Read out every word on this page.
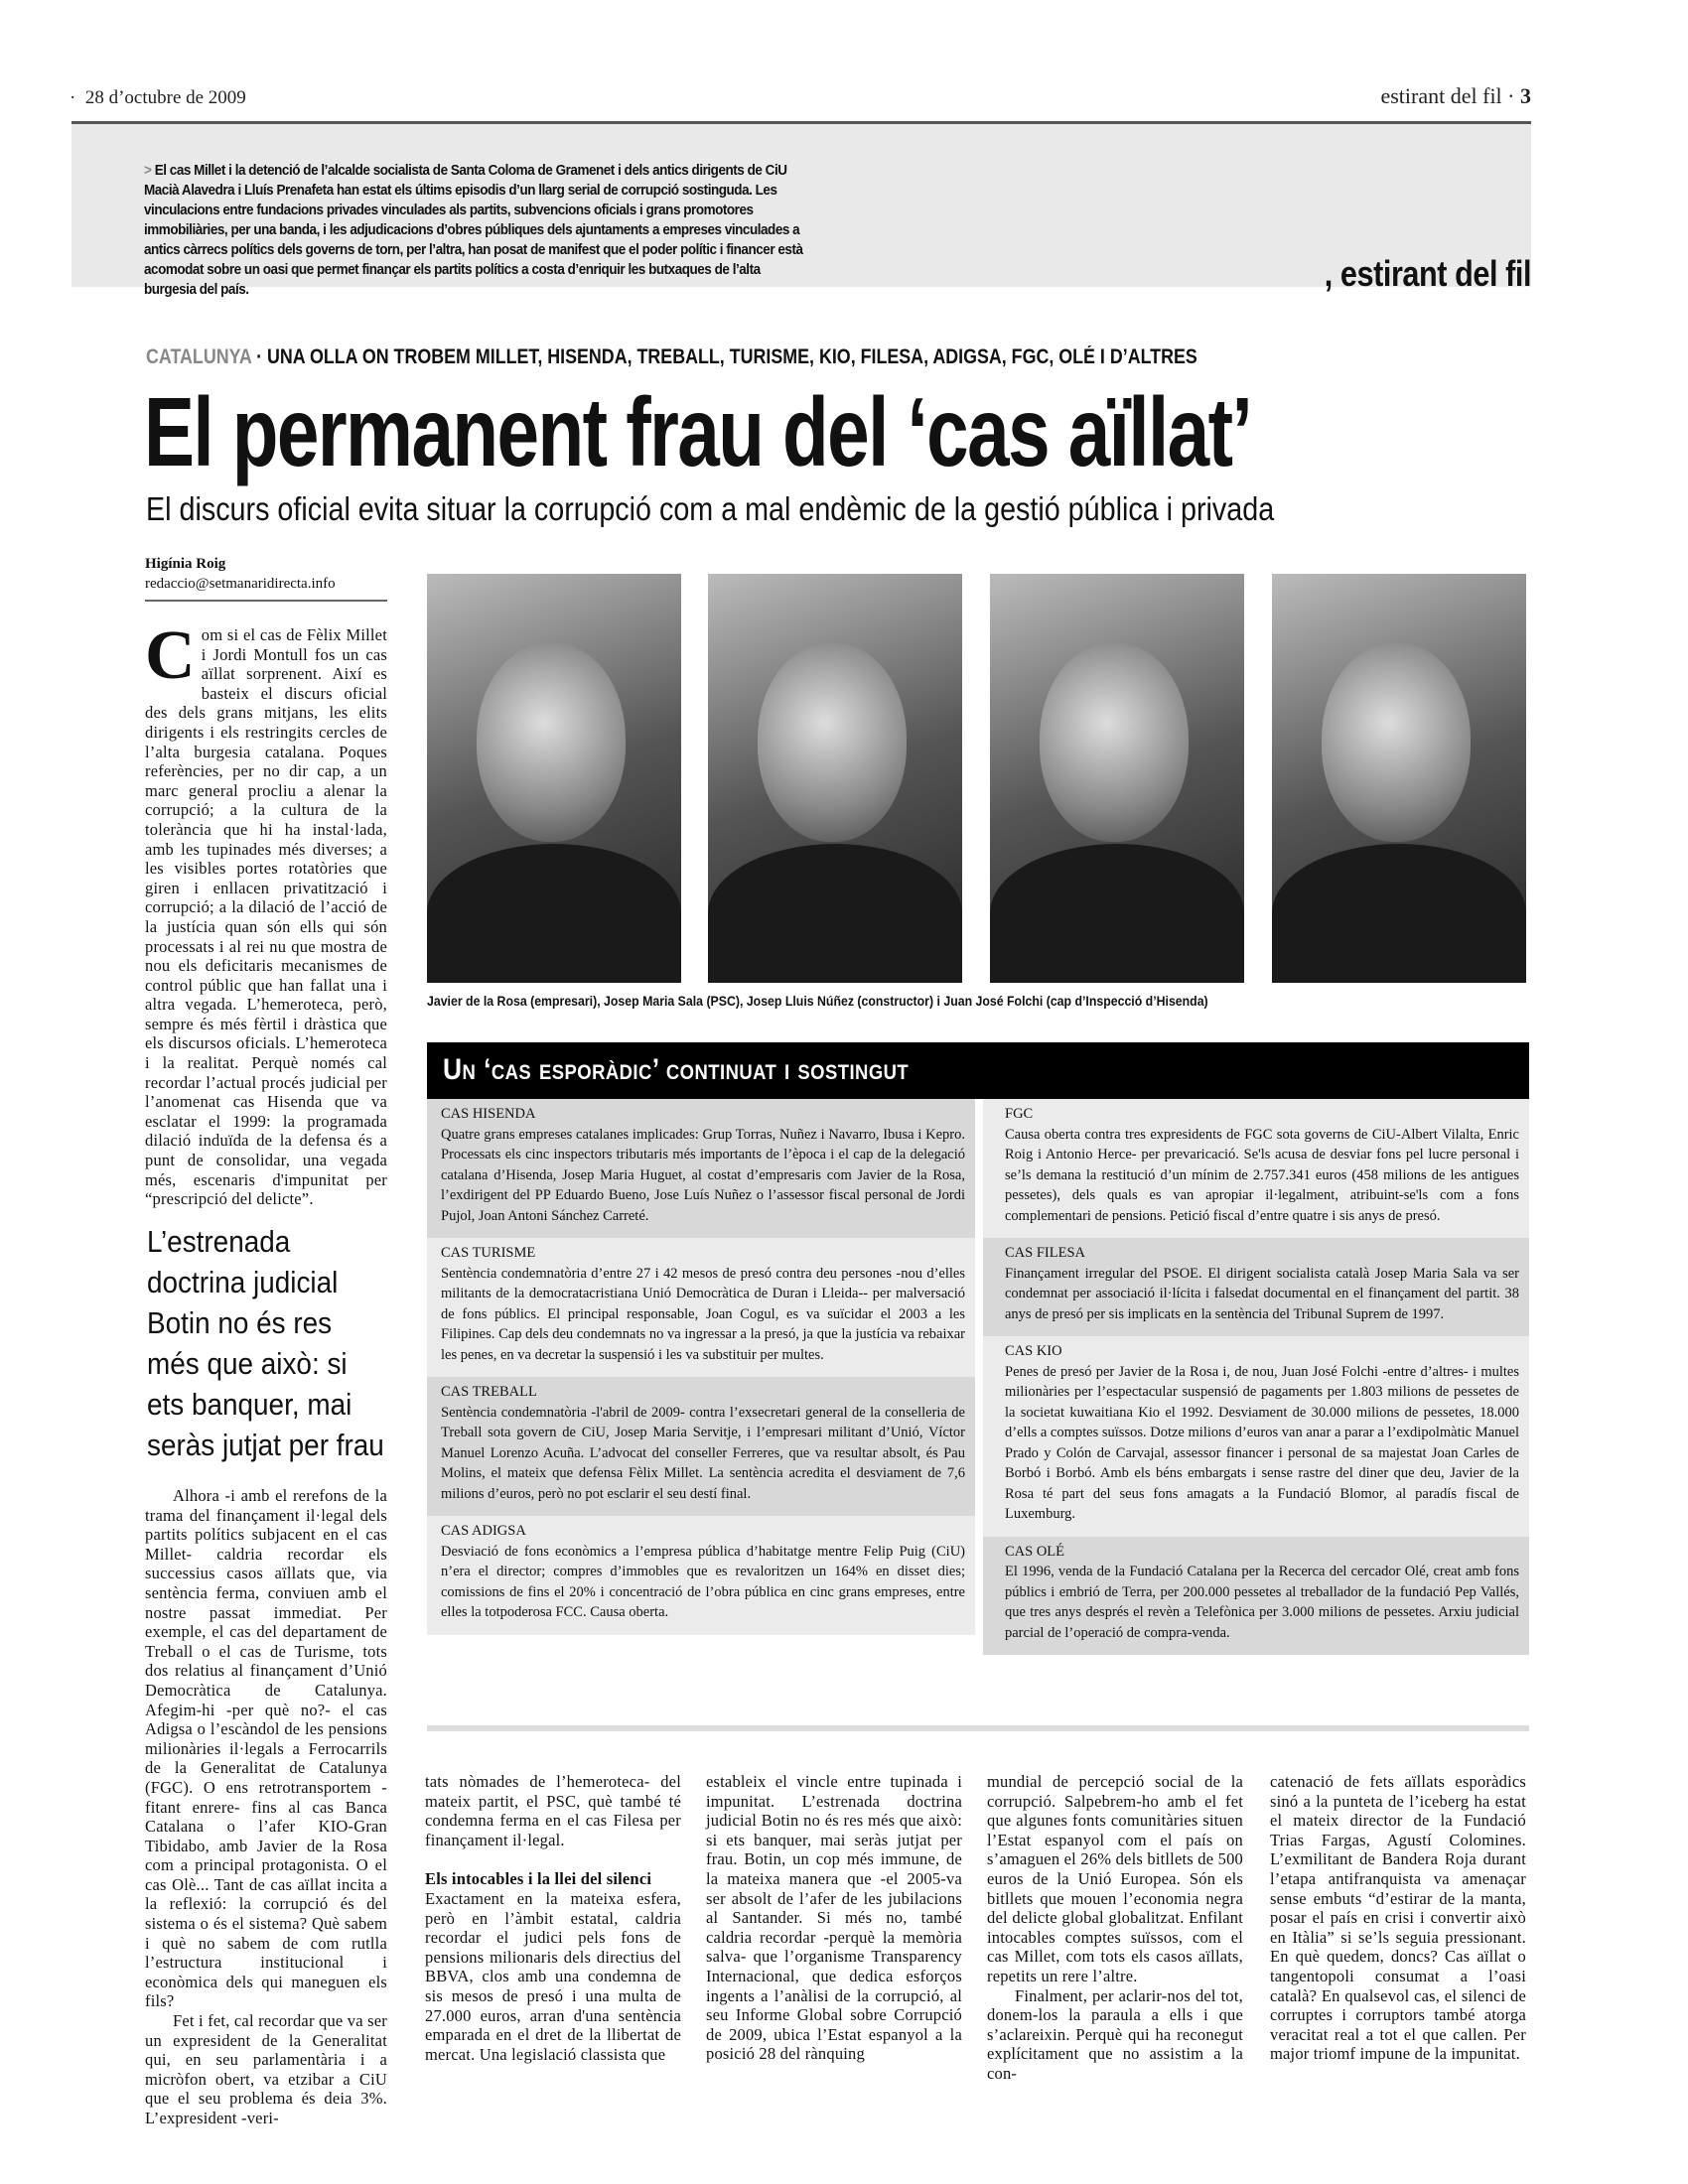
· 28 d’octubre de 2009	estirant del fil · 3
> El cas Millet i la detenció de l’alcalde socialista de Santa Coloma de Gramenet i dels antics dirigents de CiU Macià Alavedra i Lluís Prenafeta han estat els últims episodis d’un llarg serial de corrupció sostinguda. Les vinculacions entre fundacions privades vinculades als partits, subvencions oficials i grans promotores immobiliàries, per una banda, i les adjudicacions d’obres públiques dels ajuntaments a empreses vinculades a antics càrrecs polítics dels governs de torn, per l’altra, han posat de manifest que el poder polític i financer està acomodat sobre un oasi que permet finançar els partits polítics a costa d’enriquir les butxaques de l’alta burgesia del país.	, estirant del fil
CATALUNYA · UNA OLLA ON TROBEM MILLET, HISENDA, TREBALL, TURISME, KIO, FILESA, ADIGSA, FGC, OLÉ I D’ALTRES
El permanent frau del ‘cas aïllat’
El discurs oficial evita situar la corrupció com a mal endèmic de la gestió pública i privada
Higínia Roig
redaccio@setmanaridirecta.info

Com si el cas de Fèlix Millet i Jordi Montull fos un cas aïllat sorprenent. Així es basteix el discurs oficial des dels grans mitjans, les elits dirigents i els restringits cercles de l’alta burgesia catalana. Poques referències, per no dir cap, a un marc general procliu a alenar la corrupció; a la cultura de la tolerància que hi ha instal·lada, amb les tupinades més diverses; a les visibles portes rotatòries que giren i enllacen privatització i corrupció; a la dilació de l’acció de la justícia quan són ells qui són processats i al rei nu que mostra de nou els deficitaris mecanismes de control públic que han fallat una i altra vegada. L’hemeroteca, però, sempre és més fèrtil i dràstica que els discursos oficials. L’hemeroteca i la realitat. Perquè només cal recordar l’actual procés judicial per l’anomenat cas Hisenda que va esclatar el 1999: la programada dilació induïda de la defensa és a punt de consolidar, una vegada més, escenaris d'impunitat per “prescripció del delicte”.

L’estrenada doctrina judicial Botin no és res més que això: si ets banquer, mai seràs jutjat per frau

Alhora -i amb el rerefons de la trama del finançament il·legal dels partits polítics subjacent en el cas Millet- caldria recordar els successius casos aïllats que, via sentència ferma, conviuen amb el nostre passat immediat. Per exemple, el cas del departament de Treball o el cas de Turisme, tots dos relatius al finançament d’Unió Democràtica de Catalunya. Afegim-hi -per què no?- el cas Adigsa o l’escàndol de les pensions milionàries il·legals a Ferrocarrils de la Generalitat de Catalunya (FGC). O ens retrotransportem -fitant enrere- fins al cas Banca Catalana o l’afer KIO-Gran Tibidabo, amb Javier de la Rosa com a principal protagonista. O el cas Olè... Tant de cas aïllat incita a la reflexió: la corrupció és del sistema o és el sistema? Què sabem i què no sabem de com rutlla l’estructura institucional i econòmica dels qui maneguen els fils?

Fet i fet, cal recordar que va ser un expresident de la Generalitat qui, en seu parlamentària i a micròfon obert, va etzibar a CiU que el seu problema és deia 3%. L’expresident -veri-

Javier de la Rosa (empresari), Josep Maria Sala (PSC), Josep Lluis Núñez (constructor) i Juan José Folchi (cap d’Inspecció d’Hisenda)
Un ‘cas esporàdic’ continuat i sostingut
CAS HISENDA
Quatre grans empreses catalanes implicades: Grup Torras, Nuñez i Navarro, Ibusa i Kepro. Processats els cinc inspectors tributaris més importants de l’època i el cap de la delegació catalana d’Hisenda, Josep Maria Huguet, al costat d’empresaris com Javier de la Rosa, l’exdirigent del PP Eduardo Bueno, Jose Luís Nuñez o l’assessor fiscal personal de Jordi Pujol, Joan Antoni Sánchez Carreté.
CAS TURISME
Sentència condemnatòria d’entre 27 i 42 mesos de presó contra deu persones -nou d’elles militants de la democratacristiana Unió Democràtica de Duran i Lleida-- per malversació de fons públics. El principal responsable, Joan Cogul, es va suïcidar el 2003 a les Filipines. Cap dels deu condemnats no va ingressar a la presó, ja que la justícia va rebaixar les penes, en va decretar la suspensió i les va substituir per multes.
CAS TREBALL
Sentència condemnatòria -l'abril de 2009- contra l’exsecretari general de la conselleria de Treball sota govern de CiU, Josep Maria Servitje, i l’empresari militant d’Unió, Víctor Manuel Lorenzo Acuña. L’advocat del conseller Ferreres, que va resultar absolt, és Pau Molins, el mateix que defensa Fèlix Millet. La sentència acredita el desviament de 7,6 milions d’euros, però no pot esclarir el seu destí final.
CAS ADIGSA
Desviació de fons econòmics a l’empresa pública d’habitatge mentre Felip Puig (CiU) n’era el director; compres d’immobles que es revaloritzen un 164% en disset dies; comissions de fins el 20% i concentració de l’obra pública en cinc grans empreses, entre elles la totpoderosa FCC. Causa oberta.
FGC
Causa oberta contra tres expresidents de FGC sota governs de CiU-Albert Vilalta, Enric Roig i Antonio Herce- per prevaricació. Se'ls acusa de desviar fons pel lucre personal i se’ls demana la restitució d’un mínim de 2.757.341 euros (458 milions de les antigues pessetes), dels quals es van apropiar il·legalment, atribuint-se'ls com a fons complementari de pensions. Petició fiscal d’entre quatre i sis anys de presó.
CAS FILESA
Finançament irregular del PSOE. El dirigent socialista català Josep Maria Sala va ser condemnat per associació il·lícita i falsedat documental en el finançament del partit. 38 anys de presó per sis implicats en la sentència del Tribunal Suprem de 1997.
CAS KIO
Penes de presó per Javier de la Rosa i, de nou, Juan José Folchi -entre d’altres- i multes milionàries per l’espectacular suspensió de pagaments per 1.803 milions de pessetes de la societat kuwaitiana Kio el 1992. Desviament de 30.000 milions de pessetes, 18.000 d’ells a comptes suïssos. Dotze milions d’euros van anar a parar a l’exdipolmàtic Manuel Prado y Colón de Carvajal, assessor financer i personal de sa majestat Joan Carles de Borbó i Borbó. Amb els béns embargats i sense rastre del diner que deu, Javier de la Rosa té part del seus fons amagats a la Fundació Blomor, al paradís fiscal de Luxemburg.
CAS OLÉ
El 1996, venda de la Fundació Catalana per la Recerca del cercador Olé, creat amb fons públics i embrió de Terra, per 200.000 pessetes al treballador de la fundació Pep Vallés, que tres anys després el revèn a Telefònica per 3.000 milions de pessetes. Arxiu judicial parcial de l’operació de compra-venda.

tats nòmades de l’hemeroteca- del mateix partit, el PSC, què també té condemna ferma en el cas Filesa per finançament il·legal.

Els intocables i la llei del silenci

Exactament en la mateixa esfera, però en l’àmbit estatal, caldria recordar el judici pels fons de pensions milionaris dels directius del BBVA, clos amb una condemna de sis mesos de presó i una multa de 27.000 euros, arran d'una sentència emparada en el dret de la llibertat de mercat. Una legislació classista que

estableix el vincle entre tupinada i impunitat. L’estrenada doctrina judicial Botin no és res més que això: si ets banquer, mai seràs jutjat per frau. Botin, un cop més immune, de la mateixa manera que -el 2005-va ser absolt de l’afer de les jubilacions al Santander. Si més no, també caldria recordar -perquè la memòria salva- que l’organisme Transparency Internacional, que dedica esforços ingents a l’anàlisi de la corrupció, al seu Informe Global sobre Corrupció de 2009, ubica l’Estat espanyol a la posició 28 del rànquing

mundial de percepció social de la corrupció. Salpebrem-ho amb el fet que algunes fonts comunitàries situen l’Estat espanyol com el país on s’amaguen el 26% dels bitllets de 500 euros de la Unió Europea. Són els bitllets que mouen l’economia negra del delicte global globalitzat. Enfilant intocables comptes suïssos, com el cas Millet, com tots els casos aïllats, repetits un rere l’altre.

Finalment, per aclarir-nos del tot, donem-los la paraula a ells i que s’aclareixin. Perquè qui ha reconegut explícitament que no assistim a la con-

catenació de fets aïllats esporàdics sinó a la punteta de l’iceberg ha estat el mateix director de la Fundació Trias Fargas, Agustí Colomines. L’exmilitant de Bandera Roja durant l’etapa antifranquista va amenaçar sense embuts “d’estirar de la manta, posar el país en crisi i convertir això en Itàlia” si se’ls seguia pressionant. En què quedem, doncs? Cas aïllat o tangentopoli consumat a l’oasi català? En qualsevol cas, el silenci de corruptes i corruptors també atorga veracitat real a tot el que callen. Per major triomf impune de la impunitat.
